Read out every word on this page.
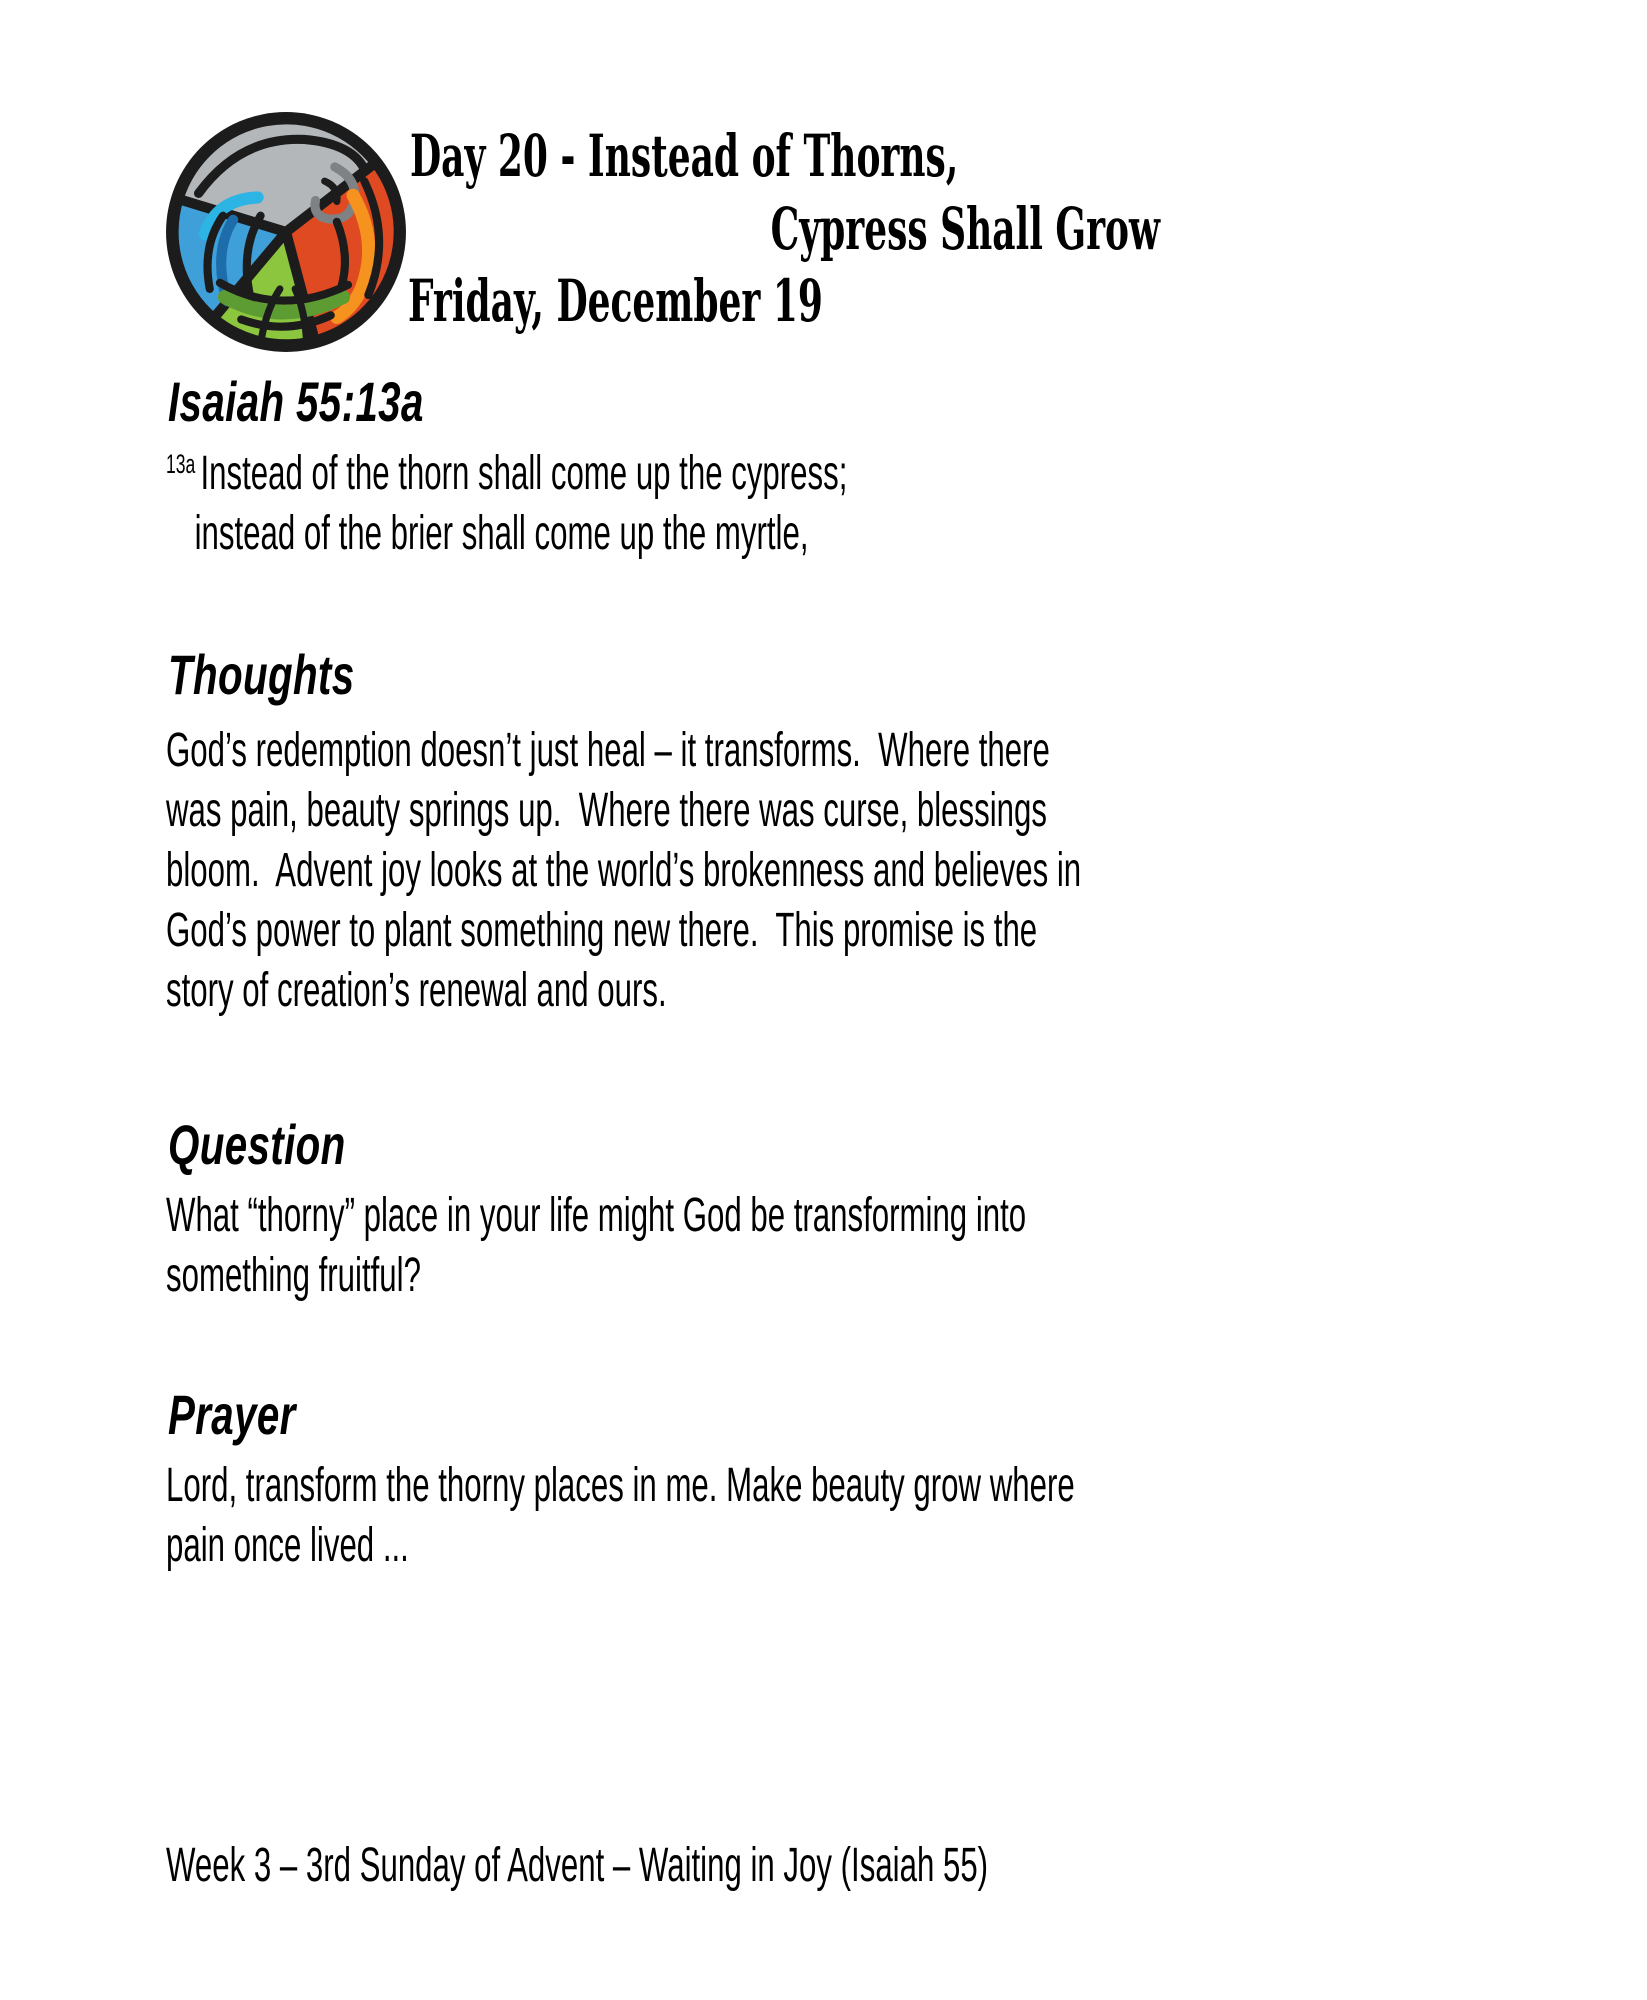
Day 20 - Instead of Thorns,
Cypress Shall Grow
Friday, December 19
Isaiah 55:13a
13a Instead of the thorn shall come up the cypress;
instead of the brier shall come up the myrtle,
Thoughts
God’s redemption doesn’t just heal – it transforms.  Where there
was pain, beauty springs up.  Where there was curse, blessings
bloom.  Advent joy looks at the world’s brokenness and believes in
God’s power to plant something new there.  This promise is the
story of creation’s renewal and ours.
Question
What “thorny” place in your life might God be transforming into
something fruitful?
Prayer
Lord, transform the thorny places in me. Make beauty grow where
pain once lived ...
Week 3 – 3rd Sunday of Advent – Waiting in Joy (Isaiah 55)
